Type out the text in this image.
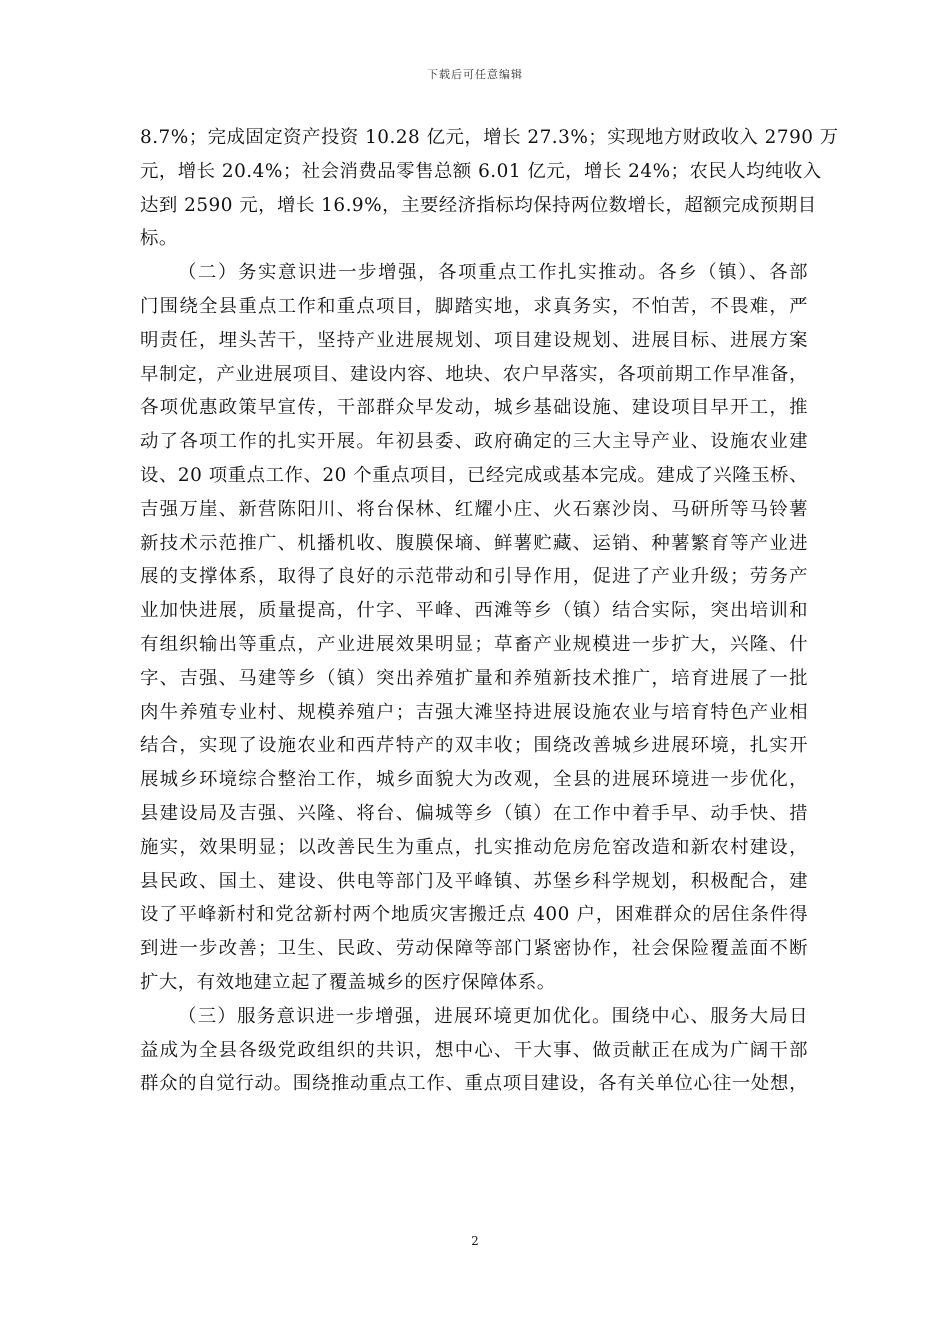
下载后可任意编辑
8.7%；完成固定资产投资 10.28 亿元，增长 27.3%；实现地方财政收入 2790 万
元，增长 20.4%；社会消费品零售总额 6.01 亿元，增长 24%；农民人均纯收入
达到 2590 元，增长 16.9%，主要经济指标均保持两位数增长，超额完成预期目
标。
（二）务实意识进一步增强，各项重点工作扎实推动。各乡（镇）、各部
门围绕全县重点工作和重点项目，脚踏实地，求真务实，不怕苦，不畏难，严
明责任，埋头苦干，坚持产业进展规划、项目建设规划、进展目标、进展方案
早制定，产业进展项目、建设内容、地块、农户早落实，各项前期工作早准备，
各项优惠政策早宣传，干部群众早发动，城乡基础设施、建设项目早开工，推
动了各项工作的扎实开展。年初县委、政府确定的三大主导产业、设施农业建
设、20 项重点工作、20 个重点项目，已经完成或基本完成。建成了兴隆玉桥、
吉强万崖、新营陈阳川、将台保林、红耀小庄、火石寨沙岗、马研所等马铃薯
新技术示范推广、机播机收、腹膜保墒、鲜薯贮藏、运销、种薯繁育等产业进
展的支撑体系，取得了良好的示范带动和引导作用，促进了产业升级；劳务产
业加快进展，质量提高，什字、平峰、西滩等乡（镇）结合实际，突出培训和
有组织输出等重点，产业进展效果明显；草畜产业规模进一步扩大，兴隆、什
字、吉强、马建等乡（镇）突出养殖扩量和养殖新技术推广，培育进展了一批
肉牛养殖专业村、规模养殖户；吉强大滩坚持进展设施农业与培育特色产业相
结合，实现了设施农业和西芹特产的双丰收；围绕改善城乡进展环境，扎实开
展城乡环境综合整治工作，城乡面貌大为改观，全县的进展环境进一步优化，
县建设局及吉强、兴隆、将台、偏城等乡（镇）在工作中着手早、动手快、措
施实，效果明显；以改善民生为重点，扎实推动危房危窑改造和新农村建设，
县民政、国土、建设、供电等部门及平峰镇、苏堡乡科学规划，积极配合，建
设了平峰新村和党岔新村两个地质灾害搬迁点 400 户，困难群众的居住条件得
到进一步改善；卫生、民政、劳动保障等部门紧密协作，社会保险覆盖面不断
扩大，有效地建立起了覆盖城乡的医疗保障体系。
（三）服务意识进一步增强，进展环境更加优化。围绕中心、服务大局日
益成为全县各级党政组织的共识，想中心、干大事、做贡献正在成为广阔干部
群众的自觉行动。围绕推动重点工作、重点项目建设，各有关单位心往一处想，
2
